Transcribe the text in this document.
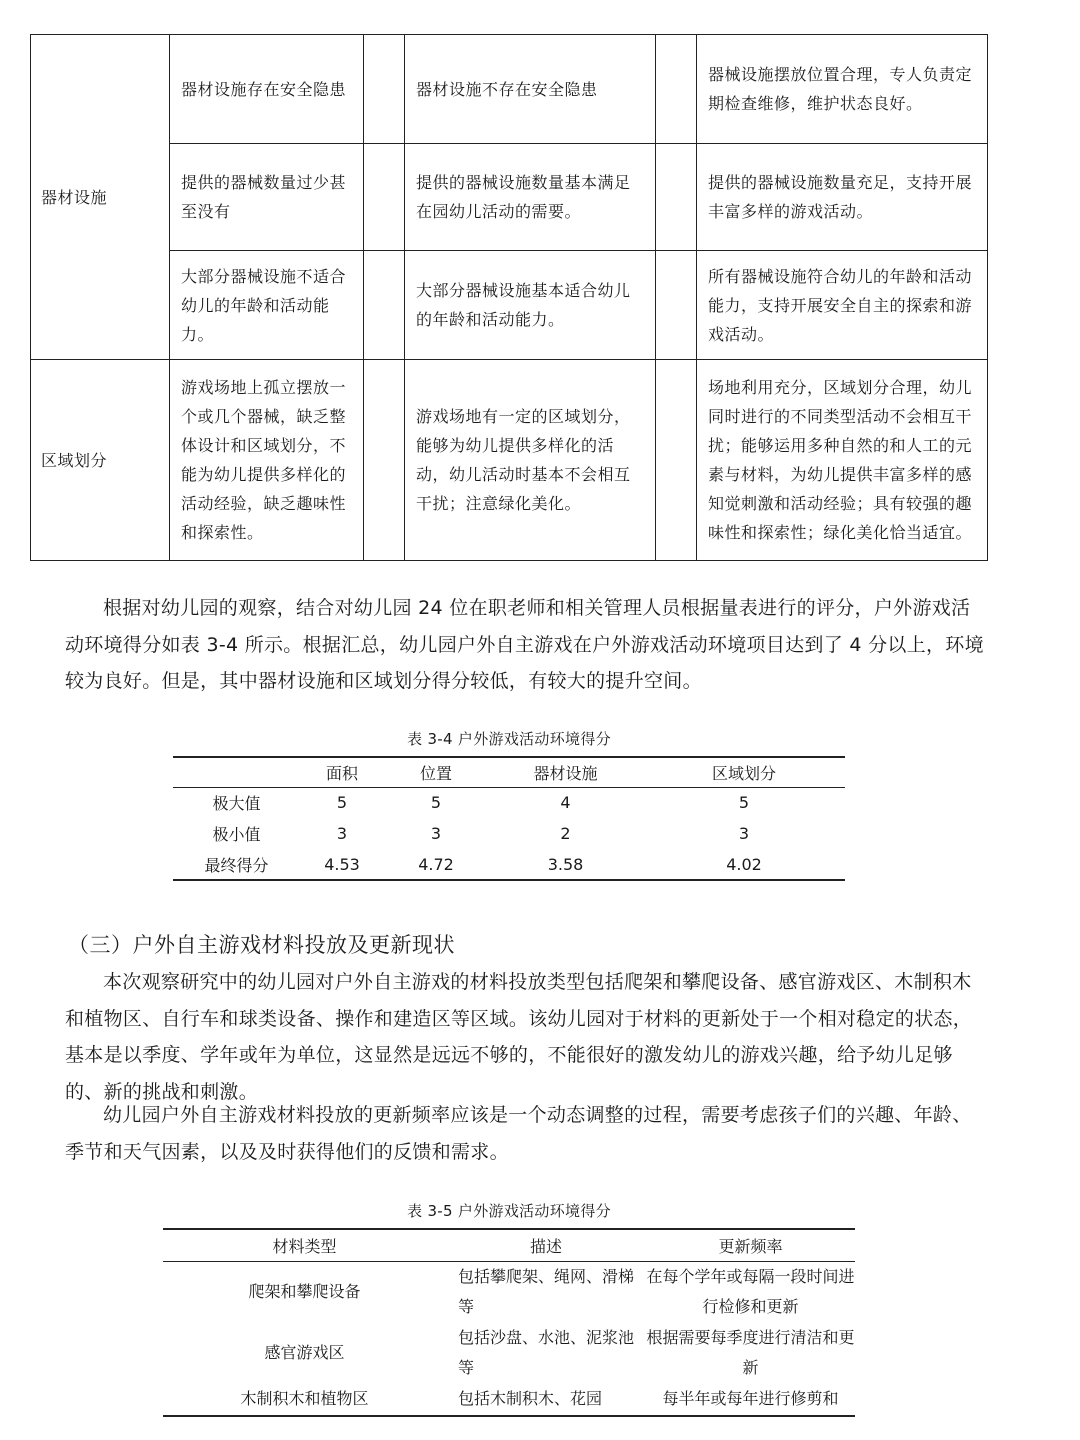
器材设施	器材设施存在安全隐患		器材设施不存在安全隐患		器械设施摆放位置合理，专人负责定期检查维修，维护状态良好。
	提供的器械数量过少甚至没有		提供的器械设施数量基本满足在园幼儿活动的需要。		提供的器械设施数量充足，支持开展丰富多样的游戏活动。
	大部分器械设施不适合幼儿的年龄和活动能力。		大部分器械设施基本适合幼儿的年龄和活动能力。		所有器械设施符合幼儿的年龄和活动能力，支持开展安全自主的探索和游戏活动。
区域划分	游戏场地上孤立摆放一个或几个器械，缺乏整体设计和区域划分，不能为幼儿提供多样化的活动经验，缺乏趣味性和探索性。		游戏场地有一定的区域划分，能够为幼儿提供多样化的活动，幼儿活动时基本不会相互干扰；注意绿化美化。		场地利用充分，区域划分合理，幼儿同时进行的不同类型活动不会相互干扰；能够运用多种自然的和人工的元素与材料，为幼儿提供丰富多样的感知觉刺激和活动经验；具有较强的趣味性和探索性；绿化美化恰当适宜。

根据对幼儿园的观察，结合对幼儿园 24 位在职老师和相关管理人员根据量表进行的评分，户外游戏活动环境得分如表 3-4 所示。根据汇总，幼儿园户外自主游戏在户外游戏活动环境项目达到了 4 分以上，环境较为良好。但是，其中器材设施和区域划分得分较低，有较大的提升空间。

表 3-4 户外游戏活动环境得分
	面积	位置	器材设施	区域划分
极大值	5	5	4	5
极小值	3	3	2	3
最终得分	4.53	4.72	3.58	4.02
（三）户外自主游戏材料投放及更新现状

本次观察研究中的幼儿园对户外自主游戏的材料投放类型包括爬架和攀爬设备、感官游戏区、木制积木和植物区、自行车和球类设备、操作和建造区等区域。该幼儿园对于材料的更新处于一个相对稳定的状态，基本是以季度、学年或年为单位，这显然是远远不够的，不能很好的激发幼儿的游戏兴趣，给予幼儿足够的、新的挑战和刺激。

幼儿园户外自主游戏材料投放的更新频率应该是一个动态调整的过程，需要考虑孩子们的兴趣、年龄、季节和天气因素，以及及时获得他们的反馈和需求。

表 3-5 户外游戏活动环境得分
材料类型	描述	更新频率
爬架和攀爬设备	包括攀爬架、绳网、滑梯等	在每个学年或每隔一段时间进行检修和更新
感官游戏区	包括沙盘、水池、泥浆池等	根据需要每季度进行清洁和更新
木制积木和植物区	包括木制积木、花园	每半年或每年进行修剪和
